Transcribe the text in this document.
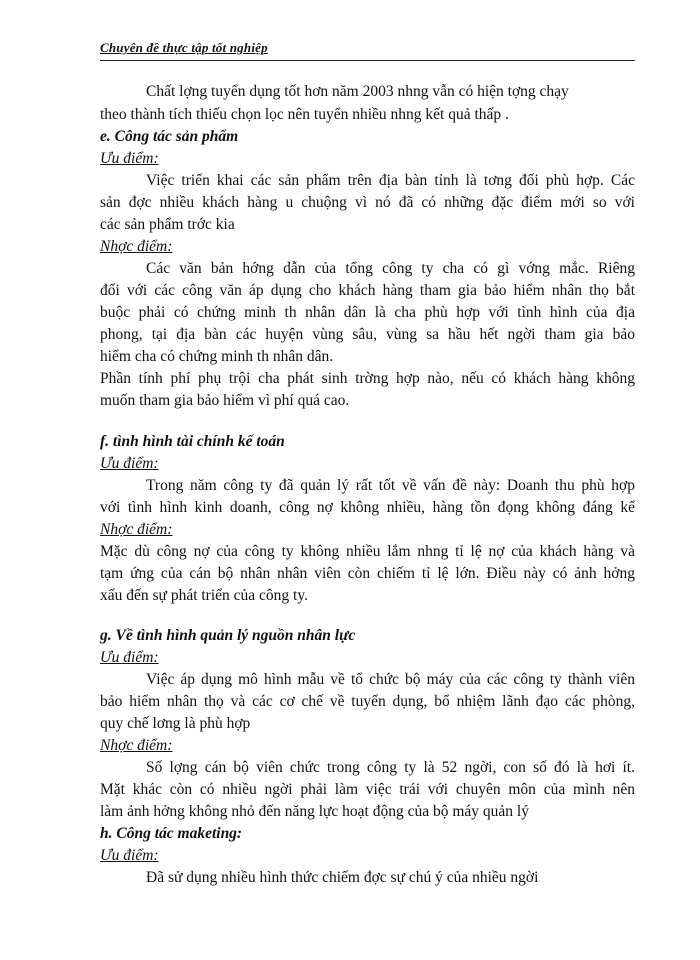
Chuyên đề thực tập tốt nghiệp
Chất lợng tuyển dụng tốt hơn năm 2003 nhng vẫn có hiện tợng chạy
theo thành tích thiếu chọn lọc nên tuyển nhiều nhng kết quả thấp .
e. Công tác sản phẩm
Ưu điểm:
Việc triển khai các sản phẩm trên địa bàn tỉnh là tơng đối phù hợp. Các
sản đợc nhiều khách hàng u chuộng vì nó đã có những đặc điểm mới so với
các sản phẩm trớc kia
Nhợc điểm:
Các văn bản hớng dẫn của tổng công ty cha có gì vớng mắc. Riêng
đối với các công văn áp dụng cho khách hàng tham gia bảo hiểm nhân thọ bắt
buộc phải có chứng minh th nhân dân là cha phù hợp với tình hình của địa
phong, tại địa bàn các huyện vùng sâu, vùng sa hầu hết ngời tham gia bảo
hiểm cha có chứng minh th nhân dân.
Phần tính phí phụ trội cha phát sinh trờng hợp nào, nếu có khách hàng không
muốn tham gia bảo hiểm vì phí quá cao.
f. tình hình tài chính kế toán
Ưu điểm:
Trong năm công ty đã quản lý rất tốt về vấn đề này: Doanh thu phù hợp
với tình hình kinh doanh, công nợ không nhiều, hàng tồn đọng không đáng kể
Nhợc điểm:
Mặc dù công nợ của công ty không nhiều lắm nhng tỉ lệ nợ của khách hàng và
tạm ứng của cán bộ nhân nhân viên còn chiếm tỉ lệ lớn. Điều này có ảnh hởng
xấu đến sự phát triển của công ty.
g. Về tình hình quản lý nguồn nhân lực
Ưu điểm:
Việc áp dụng mô hình mẫu về tổ chức bộ máy của các công ty thành viên
bảo hiểm nhân thọ và các cơ chế về tuyển dụng, bổ nhiệm lãnh đạo các phòng,
quy chế lơng là phù hợp
Nhợc điểm:
Số lợng cán bộ viên chức trong công ty là 52 ngời, con số đó là hơi ít.
Mặt khác còn có nhiều ngời phải làm việc trái với chuyên môn của mình nên
làm ảnh hởng không nhỏ đến năng lực hoạt động của bộ máy quản lý
h. Công tác maketing:
Ưu điểm:
Đã sử dụng nhiều hình thức chiếm đợc sự chú ý của nhiều ngời
